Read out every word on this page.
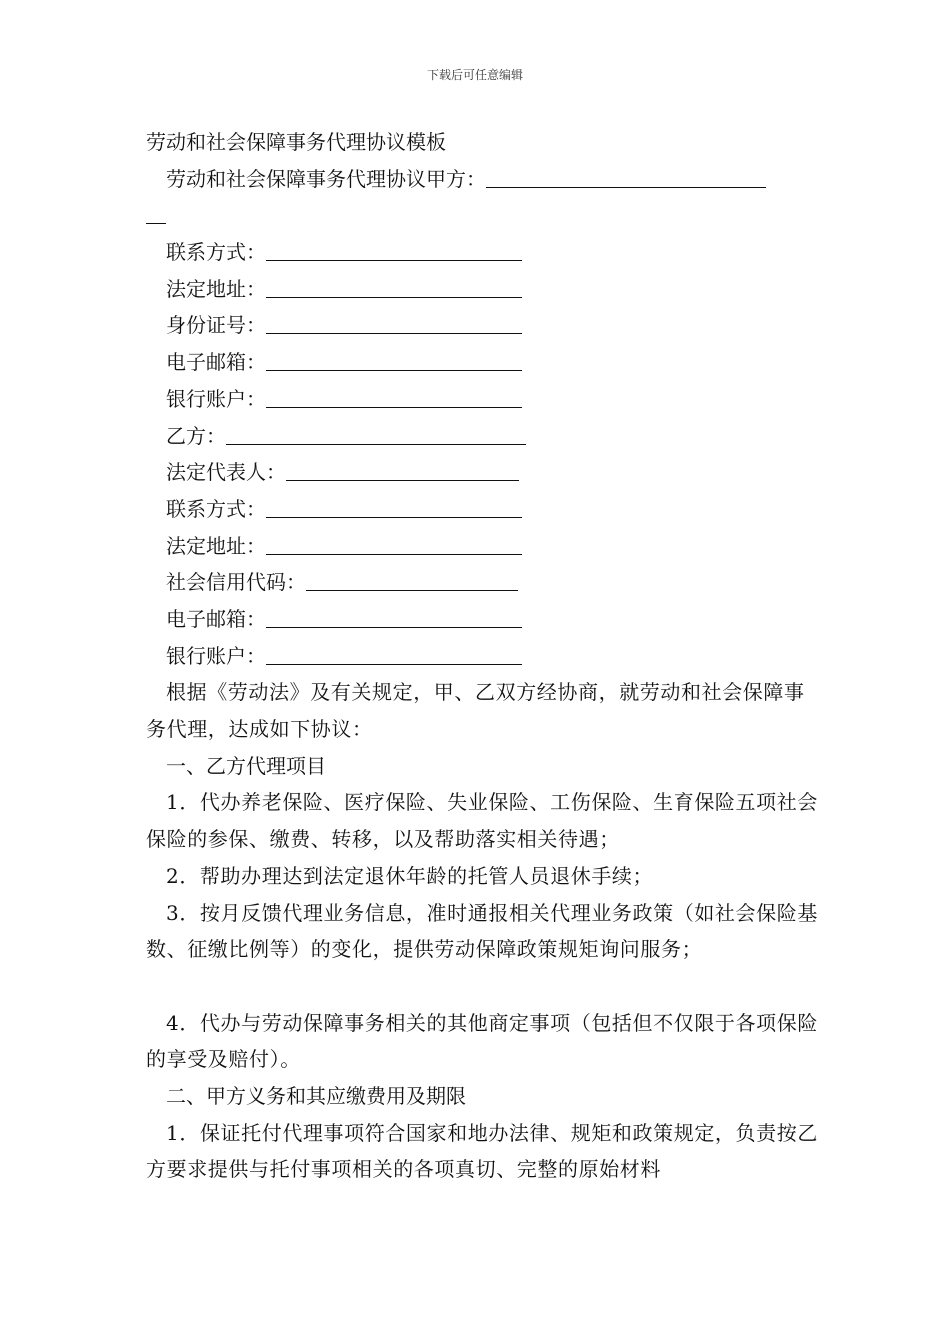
下载后可任意编辑
劳动和社会保障事务代理协议模板
劳动和社会保障事务代理协议甲方：
联系方式：
法定地址：
身份证号：
电子邮箱：
银行账户：
乙方：
法定代表人：
联系方式：
法定地址：
社会信用代码：
电子邮箱：
银行账户：
根据《劳动法》及有关规定，甲、乙双方经协商，就劳动和社会保障事务代理，达成如下协议：
一、乙方代理项目
1．代办养老保险、医疗保险、失业保险、工伤保险、生育保险五项社会保险的参保、缴费、转移，以及帮助落实相关待遇；
2．帮助办理达到法定退休年龄的托管人员退休手续；
3．按月反馈代理业务信息，准时通报相关代理业务政策（如社会保险基数、征缴比例等）的变化，提供劳动保障政策规矩询问服务；
4．代办与劳动保障事务相关的其他商定事项（包括但不仅限于各项保险的享受及赔付）。
二、甲方义务和其应缴费用及期限
1．保证托付代理事项符合国家和地办法律、规矩和政策规定，负责按乙方要求提供与托付事项相关的各项真切、完整的原始材料
